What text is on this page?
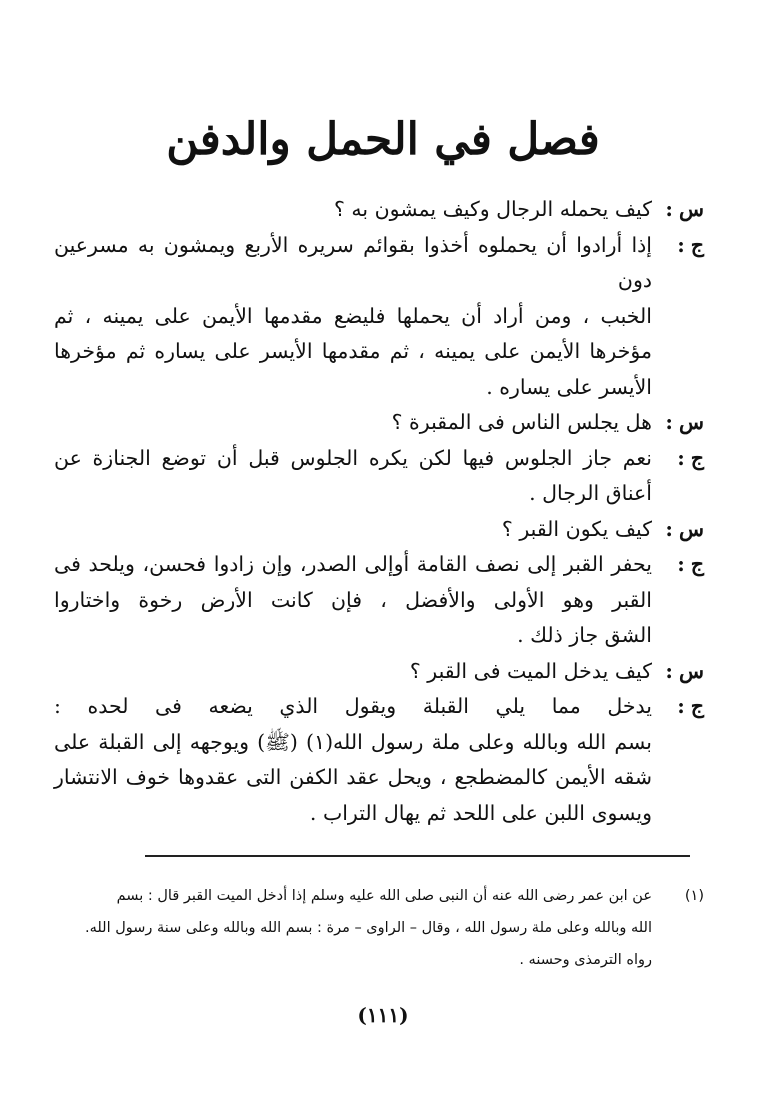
فصل في الحمل والدفن
س:
كيف يحمله الرجال وكيف يمشون به ؟
ج:
إذا أرادوا أن يحملوه أخذوا بقوائم سريره الأربع ويمشون به مسرعين دون
الخبب ، ومن أراد أن يحملها فليضع مقدمها الأيمن على يمينه ، ثم
مؤخرها الأيمن على يمينه ، ثم مقدمها الأيسر على يساره ثم مؤخرها
الأيسر على يساره .
س:
هل يجلس الناس فى المقبرة ؟
ج:
نعم جاز الجلوس فيها لكن يكره الجلوس قبل أن توضع الجنازة عن
أعناق الرجال .
س:
كيف يكون القبر ؟
ج:
يحفر القبر إلى نصف القامة أوإلى الصدر، وإن زادوا فحسن، ويلحد فى
القبر وهو الأولى والأفضل ، فإن كانت الأرض رخوة واختاروا
الشق جاز ذلك .
س:
كيف يدخل الميت فى القبر ؟
ج:
يدخل مما يلي القبلة ويقول الذي يضعه فى لحده :
بسم الله وبالله وعلى ملة رسول الله(١) (ﷺ) ويوجهه إلى القبلة على
شقه الأيمن كالمضطجع ، ويحل عقد الكفن التى عقدوها خوف الانتشار
ويسوى اللبن على اللحد ثم يهال التراب .
(١)
عن ابن عمر رضى الله عنه أن النبى صلى الله عليه وسلم إذا أدخل الميت القبر قال : بسم
الله وبالله وعلى ملة رسول الله ، وقال – الراوى – مرة : بسم الله وبالله وعلى سنة رسول الله.
رواه الترمذى وحسنه .
(١١١)
